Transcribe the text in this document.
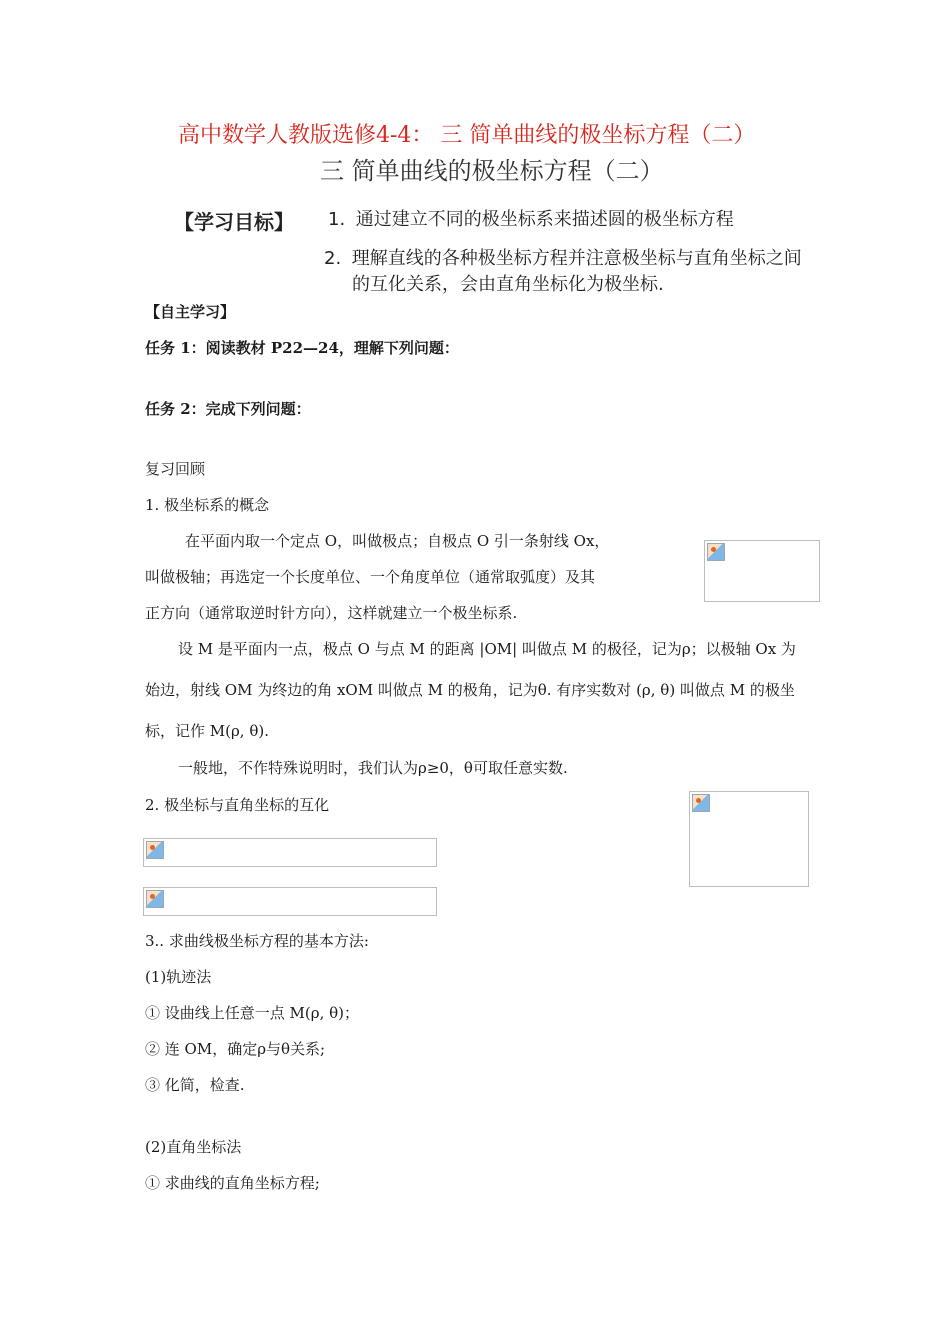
高中数学人教版选修4-4： 三 简单曲线的极坐标方程（二）
三 简单曲线的极坐标方程（二）
【学习目标】 1. 通过建立不同的极坐标系来描述圆的极坐标方程
2. 理解直线的各种极坐标方程并注意极坐标与直角坐标之间
的互化关系，会由直角坐标化为极坐标.
【自主学习】
任务 1：阅读教材 P22—24，理解下列问题：
任务 2：完成下列问题：
复习回顾
1. 极坐标系的概念
在平面内取一个定点 O，叫做极点；自极点 O 引一条射线 Ox，
叫做极轴；再选定一个长度单位、一个角度单位（通常取弧度）及其
正方向（通常取逆时针方向），这样就建立一个极坐标系.
设 M 是平面内一点，极点 O 与点 M 的距离 |OM| 叫做点 M 的极径，记为ρ；以极轴 Ox 为
始边，射线 OM 为终边的角 xOM 叫做点 M 的极角，记为θ. 有序实数对 (ρ, θ) 叫做点 M 的极坐
标，记作 M(ρ, θ).
一般地，不作特殊说明时，我们认为ρ≥0，θ可取任意实数.
2. 极坐标与直角坐标的互化
3.. 求曲线极坐标方程的基本方法:
(1)轨迹法
① 设曲线上任意一点 M(ρ, θ)；
② 连 OM，确定ρ与θ关系;
③ 化简，检查.
(2)直角坐标法
① 求曲线的直角坐标方程;
